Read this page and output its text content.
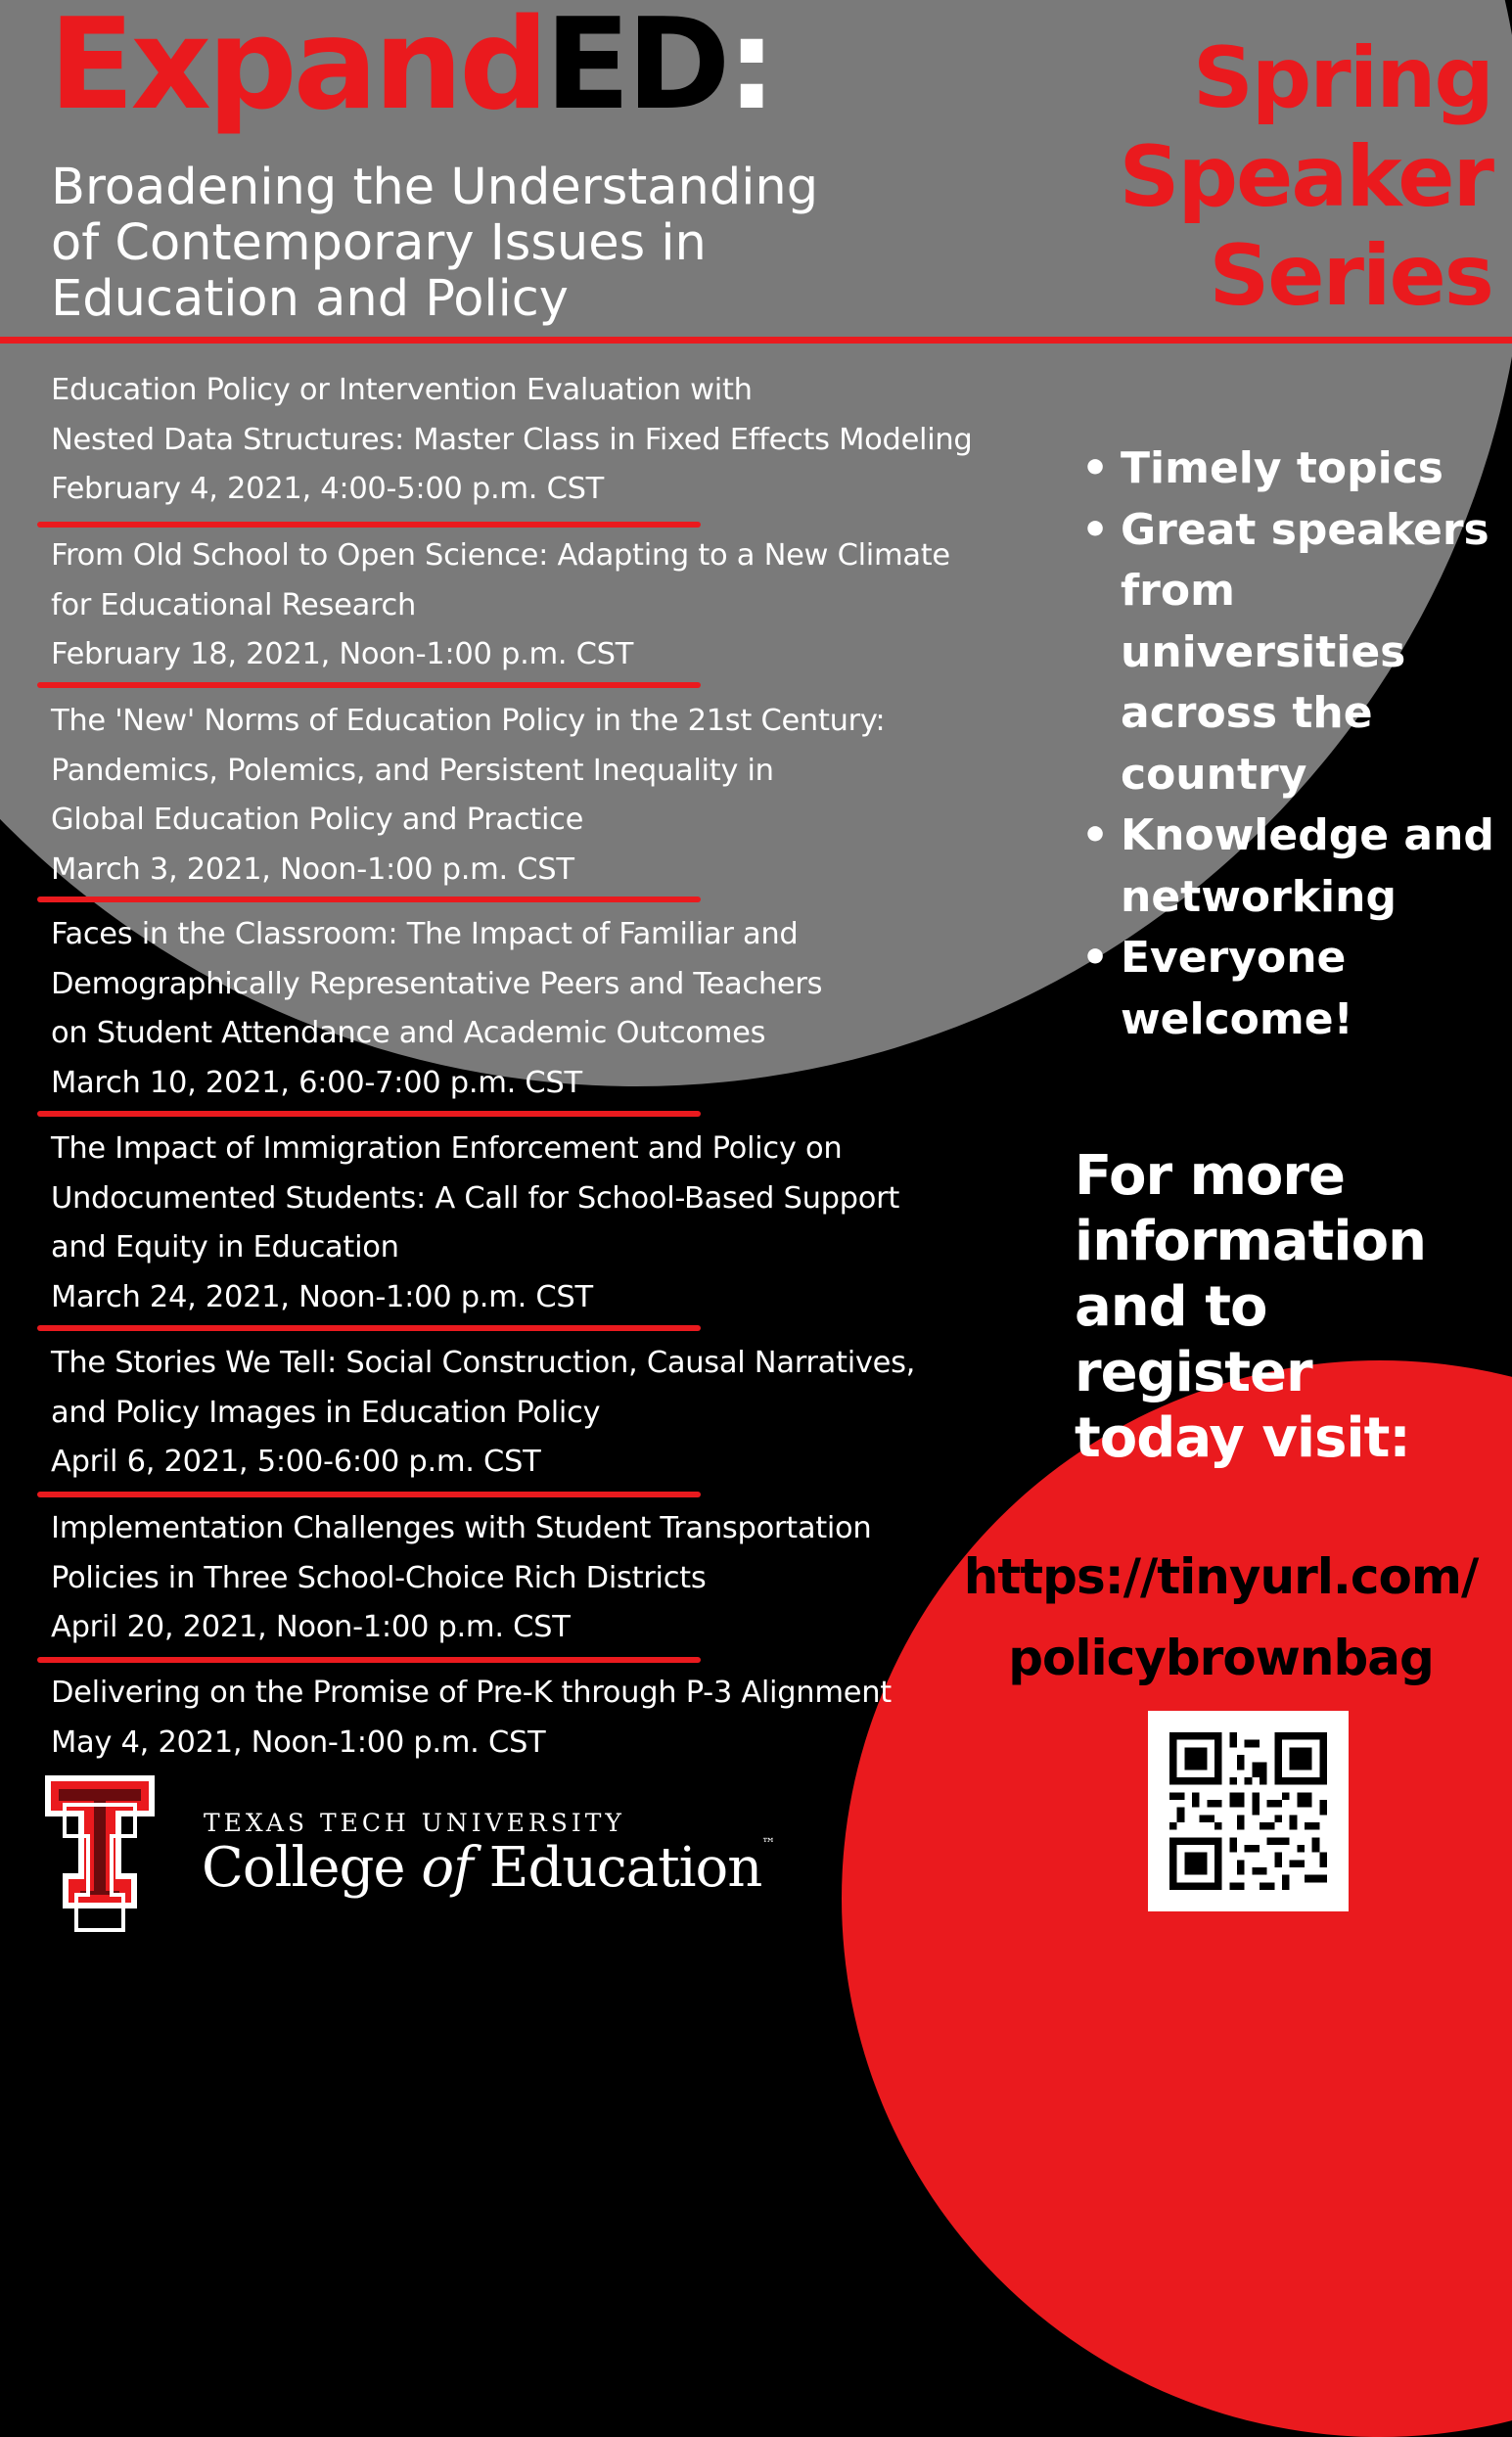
ExpandED:
Broadening the Understanding
of Contemporary Issues in
Education and Policy
Spring
Speaker
Series
Education Policy or Intervention Evaluation with
Nested Data Structures: Master Class in Fixed Effects Modeling
February 4, 2021, 4:00-5:00 p.m. CST
From Old School to Open Science: Adapting to a New Climate
for Educational Research
February 18, 2021, Noon-1:00 p.m. CST
The 'New' Norms of Education Policy in the 21st Century:
Pandemics, Polemics, and Persistent Inequality in
Global Education Policy and Practice
March 3, 2021, Noon-1:00 p.m. CST
Faces in the Classroom: The Impact of Familiar and
Demographically Representative Peers and Teachers
on Student Attendance and Academic Outcomes
March 10, 2021, 6:00-7:00 p.m. CST
The Impact of Immigration Enforcement and Policy on
Undocumented Students: A Call for School-Based Support
and Equity in Education
March 24, 2021, Noon-1:00 p.m. CST
The Stories We Tell: Social Construction, Causal Narratives,
and Policy Images in Education Policy
April 6, 2021, 5:00-6:00 p.m. CST
Implementation Challenges with Student Transportation
Policies in Three School-Choice Rich Districts
April 20, 2021, Noon-1:00 p.m. CST
Delivering on the Promise of Pre-K through P-3 Alignment
May 4, 2021, Noon-1:00 p.m. CST
• Timely topics
• Great speakers
from
universities
across the
country
• Knowledge and
networking
• Everyone
welcome!
For more
information
and to
register
today visit:
https://tinyurl.com/
policybrownbag
TEXAS TECH UNIVERSITY
College of Education™
